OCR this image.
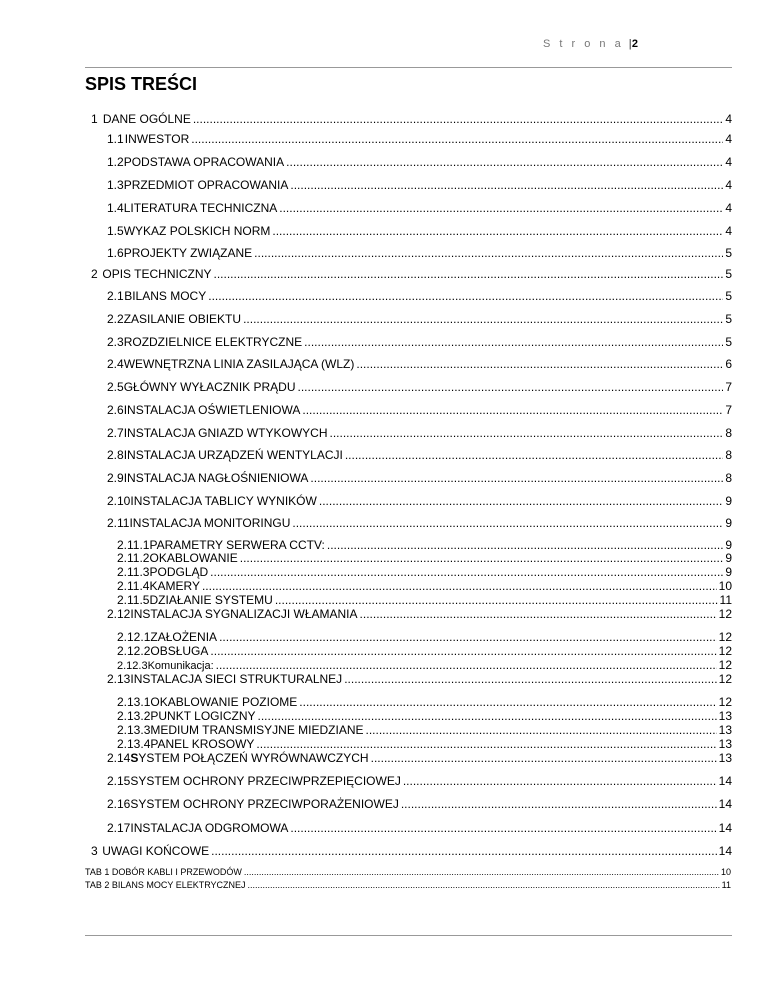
S t r o n a |2
SPIS TREŚCI
1 DANE OGÓLNE .....	4
1.1 INWESTOR .....	4
1.2 PODSTAWA OPRACOWANIA .....	4
1.3 PRZEDMIOT OPRACOWANIA .....	4
1.4 LITERATURA TECHNICZNA .....	4
1.5 WYKAZ POLSKICH NORM .....	4
1.6 PROJEKTY ZWIĄZANE .....	5
2 OPIS TECHNICZNY .....	5
2.1 BILANS MOCY .....	5
2.2 ZASILANIE OBIEKTU .....	5
2.3 ROZDZIELNICE ELEKTRYCZNE .....	5
2.4 WEWNĘTRZNA LINIA ZASILAJĄCA (WLZ) .....	6
2.5 GŁÓWNY WYŁACZNIK PRĄDU .....	7
2.6 INSTALACJA OŚWIETLENIOWA .....	7
2.7 INSTALACJA GNIAZD WTYKOWYCH .....	8
2.8 INSTALACJA URZĄDZEŃ WENTYLACJI .....	8
2.9 INSTALACJA NAGŁOŚNIENIOWA .....	8
2.10 INSTALACJA TABLICY WYNIKÓW .....	9
2.11 INSTALACJA MONITORINGU .....	9
2.11.1 PARAMETRY SERWERA CCTV: .....	9
2.11.2 OKABLOWANIE .....	9
2.11.3 PODGLĄD .....	9
2.11.4 KAMERY .....	10
2.11.5 DZIAŁANIE SYSTEMU .....	11
2.12 INSTALACJA SYGNALIZACJI WŁAMANIA .....	12
2.12.1 ZAŁOŻENIA .....	12
2.12.2 OBSŁUGA .....	12
2.12.3 Komunikacja: .....	12
2.13 INSTALACJA SIECI STRUKTURALNEJ .....	12
2.13.1 OKABLOWANIE POZIOME .....	12
2.13.2 PUNKT LOGICZNY .....	13
2.13.3 MEDIUM TRANSMISYJNE MIEDZIANE .....	13
2.13.4 PANEL KROSOWY .....	13
2.14 SYSTEM POŁĄCZEŃ WYRÓWNAWCZYCH .....	13
2.15 SYSTEM OCHRONY PRZECIWPRZEPIĘCIOWEJ .....	14
2.16 SYSTEM OCHRONY PRZECIWPORAŻENIOWEJ .....	14
2.17 INSTALACJA ODGROMOWA .....	14
3 UWAGI KOŃCOWE .....	14
TAB 1 DOBÓR KABLI I PRZEWODÓW .....	10
TAB 2 BILANS MOCY ELEKTRYCZNEJ .....	11
